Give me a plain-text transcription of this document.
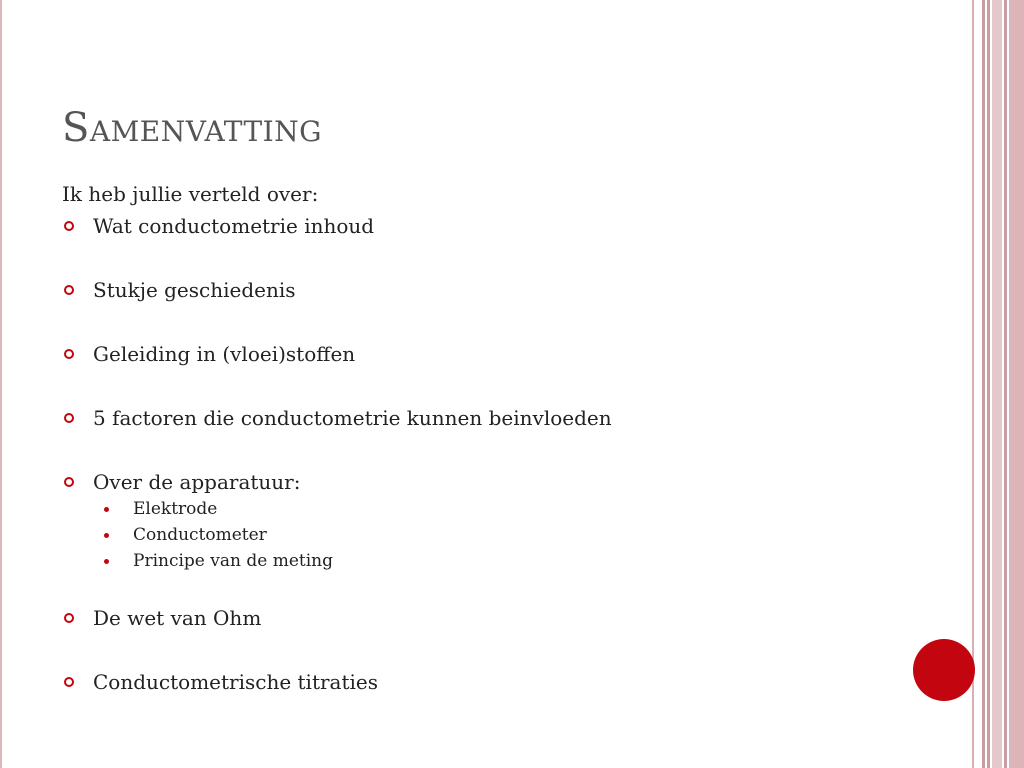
Samenvatting

Ik heb jullie verteld over:

Wat conductometrie inhoud
Stukje geschiedenis
Geleiding in (vloei)stoffen
5 factoren die conductometrie kunnen beinvloeden
Over de apparatuur:
Elektrode
Conductometer
Principe van de meting
De wet van Ohm
Conductometrische titraties
